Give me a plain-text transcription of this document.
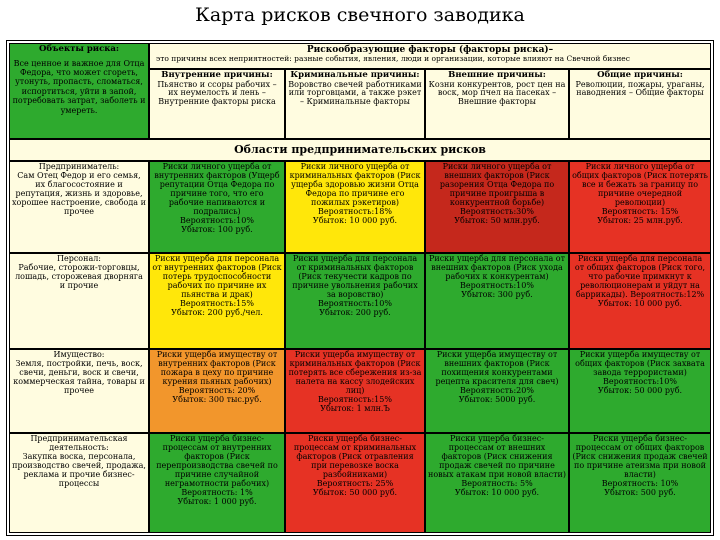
Карта рисков свечного заводика
Объекты риска:
Все ценное и важное для Отца Федора, что может сгореть, утонуть, пропасть, сломаться, испортиться, уйти в запой, потребовать затрат, заболеть и умереть.
Рискообразующие факторы (факторы риска)–
это причины всех неприятностей: разные события, явления, люди и организации, которые влияют на Свечной бизнес
Внутренние причины:
Пьянство и ссоры рабочих – их неумелость и лень – Внутренние факторы риска
Криминальные причины:
Воровство свечей работниками или торговцами, а также рэкет – Криминальные факторы
Внешние причины:
Козни конкурентов, рост цен на воск, мор пчел на пасеках – Внешние факторы
Общие причины:
Революции, пожары, ураганы, наводнения – Общие факторы
Области предпринимательских рисков
Предприниматель:
Сам Отец Федор и его семья, их благосостояние и репутация, жизнь и здоровье, хорошее настроение, свобода и прочее
Персонал:
Рабочие, сторожи-торговцы, лошадь, сторожевая дворняга и прочие
Имущество:
Земля, постройки, печь, воск, свечи, деньги, воск и свечи, коммерческая тайна, товары и прочее
Предпринимательская деятельность:
Закупка воска, персонала, производство свечей, продажа, реклама и прочие бизнес-процессы
Риски личного ущерба от внутренних факторов (Ущерб репутации Отца Федора по причине того, что его рабочие напиваются и подрались)
Вероятность:10%
Убыток: 100 руб.
Риски личного ущерба от криминальных факторов (Риск ущерба здоровью жизни Отца Федора по причине его пожилых рэкетиров)
Вероятность:18%
Убыток: 10 000 руб.
Риски личного ущерба от внешних факторов (Риск разорения Отца Федора по причине проигрыша в конкурентной борьбе)
Вероятность:30%
Убыток: 50 млн.руб.
Риски личного ущерба от общих факторов (Риск потерять все и бежать за границу по причине очередной революции)
Вероятность: 15%
Убыток: 25 млн.руб.
Риски ущерба для персонала от внутренних факторов (Риск потерь трудоспособности рабочих по причине их пьянства и драк)
Вероятность:15%
Убыток: 200 руб./чел.
Риски ущерба для персонала от криминальных факторов (Риск текучести кадров по причине увольнения рабочих за воровство)
Вероятность:10%
Убыток: 200 руб.
Риски ущерба для персонала от внешних факторов (Риск ухода рабочих к конкурентам)
Вероятность:10%
Убыток: 300 руб.
Риски ущерба для персонала от общих факторов (Риск того, что рабочие примкнут к революционерам и уйдут на баррикады). Вероятность:12%
Убыток: 10 000 руб.
Риски ущерба имуществу от внутренних факторов (Риск пожара в цеху по причине курения пьяных рабочих) Вероятность: 20%
Убыток: 300 тыс.руб.
Риски ущерба имуществу от криминальных факторов (Риск потерять все сбережения из-за налета на кассу злодейских лиц)
Вероятность:15%
Убыток: 1 млн.Ъ
Риски ущерба имуществу от внешних факторов (Риск похищения конкурентами рецепта красителя для свеч)
Вероятность:20%
Убыток: 5000 руб.
Риски ущерба имуществу от общих факторов (Риск захвата завода террористами)
Вероятность:10%
Убыток: 50 000 руб.
Риски ущерба бизнес-процессам от внутренних факторов (Риск перепроизводства свечей по причине случайной неграмотности рабочих)
Вероятность: 1%
Убыток: 1 000 руб.
Риски ущерба бизнес-процессам от криминальных факторов (Риск отравления при перевозке воска разбойниками)
Вероятность: 25%
Убыток: 50 000 руб.
Риски ущерба бизнес-процессам от внешних факторов (Риск снижения продаж свечей по причине новых атакам при новой власти)
Вероятность: 5%
Убыток: 10 000 руб.
Риски ущерба бизнес-процессам от общих факторов (Риск снижения продаж свечей по причине атеизма при новой власти)
Вероятность: 10%
Убыток: 500 руб.
